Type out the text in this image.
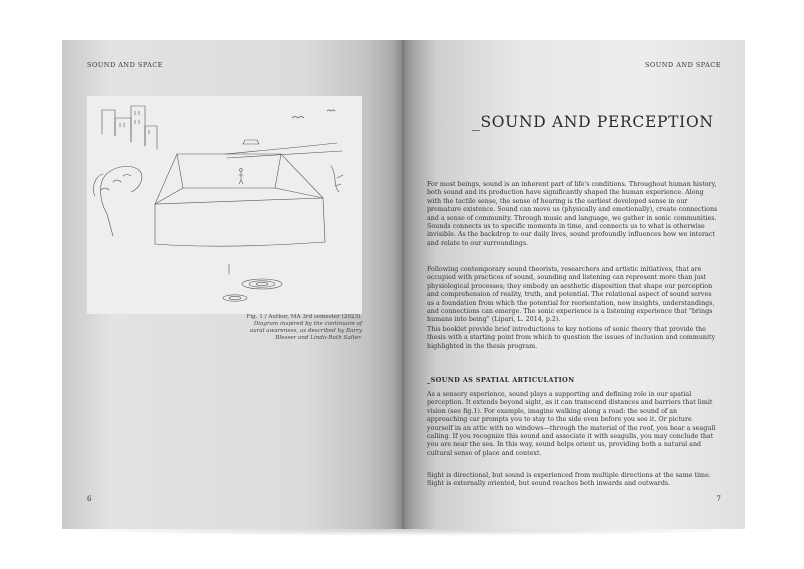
SOUND AND SPACE
Fig. 1 / Author, MA 3rd semester (2023).
Diagram inspired by the continuum of
aural awareness, as described by Barry
Blesser and Linda-Ruth Salter.
6
SOUND AND SPACE
_SOUND AND PERCEPTION

For most beings, sound is an inherent part of life's conditions. Throughout human history, both sound and its production have significantly shaped the human experience. Along with the tactile sense, the sense of hearing is the earliest developed sense in our premature existence. Sound can move us (physically and emotionally), create connections and a sense of community. Through music and language, we gather in sonic communities. Sounds connects us to specific moments in time, and connects us to what is otherwise invisible. As the backdrop to our daily lives, sound profoundly influences how we interact and relate to our surroundings.

Following contemporary sound theorists, researchers and artistic initiatives, that are occupied with practices of sound, sounding and listening can represent more than just physiological processes; they embody an aesthetic disposition that shape our perception and comprehension of reality, truth, and potential. The relational aspect of sound serves as a foundation from which the potential for reorientation, new insights, understandings, and connections can emerge. The sonic experience is a listening experience that "brings humans into being" (Lipari, L. 2014, p.2).

This booklet provide brief introductions to key notions of sonic theory that provide the thesis with a starting point from which to question the issues of inclusion and community highlighted in the thesis program.

_SOUND AS SPATIAL ARTICULATION

As a sensory experience, sound plays a supporting and defining role in our spatial perception. It extends beyond sight, as it can transcend distances and barriers that limit vision (see fig.1). For example, imagine walking along a road: the sound of an approaching car prompts you to stay to the side even before you see it. Or picture yourself in an attic with no windows—through the material of the roof, you hear a seagull calling. If you recognize this sound and associate it with seagulls, you may conclude that you are near the sea. In this way, sound helps orient us, providing both a natural and cultural sense of place and context.

Sight is directional, but sound is experienced from multiple directions at the same time. Sight is externally oriented, but sound reaches both inwards and outwards.

7
